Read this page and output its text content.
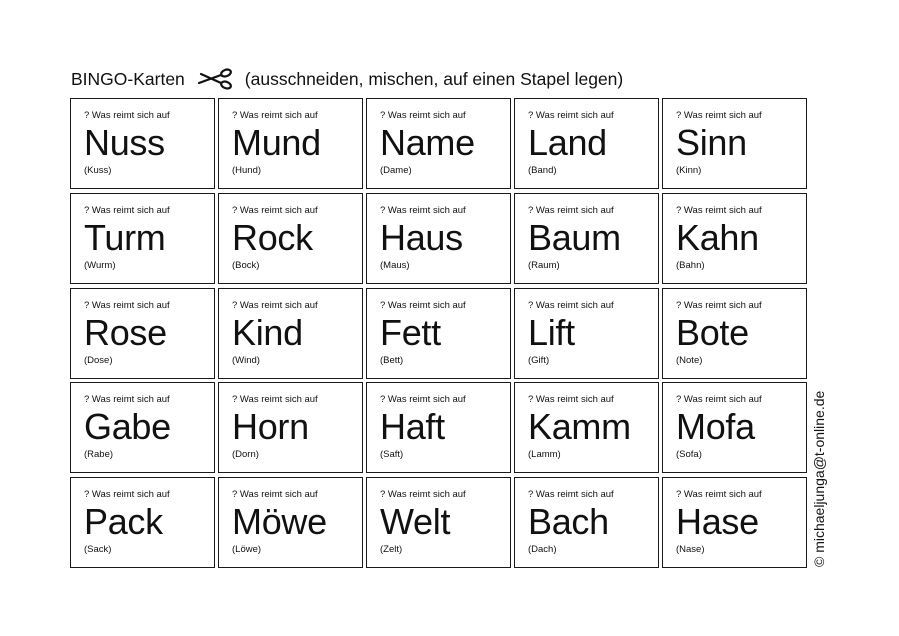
BINGO-Karten	(ausschneiden, mischen, auf einen Stapel legen)
? Was reimt sich auf
Nuss
(Kuss)
? Was reimt sich auf
Mund
(Hund)
? Was reimt sich auf
Name
(Dame)
? Was reimt sich auf
Land
(Band)
? Was reimt sich auf
Sinn
(Kinn)
? Was reimt sich auf
Turm
(Wurm)
? Was reimt sich auf
Rock
(Bock)
? Was reimt sich auf
Haus
(Maus)
? Was reimt sich auf
Baum
(Raum)
? Was reimt sich auf
Kahn
(Bahn)
? Was reimt sich auf
Rose
(Dose)
? Was reimt sich auf
Kind
(Wind)
? Was reimt sich auf
Fett
(Bett)
? Was reimt sich auf
Lift
(Gift)
? Was reimt sich auf
Bote
(Note)
? Was reimt sich auf
Gabe
(Rabe)
? Was reimt sich auf
Horn
(Dorn)
? Was reimt sich auf
Haft
(Saft)
? Was reimt sich auf
Kamm
(Lamm)
? Was reimt sich auf
Mofa
(Sofa)
? Was reimt sich auf
Pack
(Sack)
? Was reimt sich auf
Möwe
(Löwe)
? Was reimt sich auf
Welt
(Zelt)
? Was reimt sich auf
Bach
(Dach)
? Was reimt sich auf
Hase
(Nase)	© michaeljunga@t-online.de
